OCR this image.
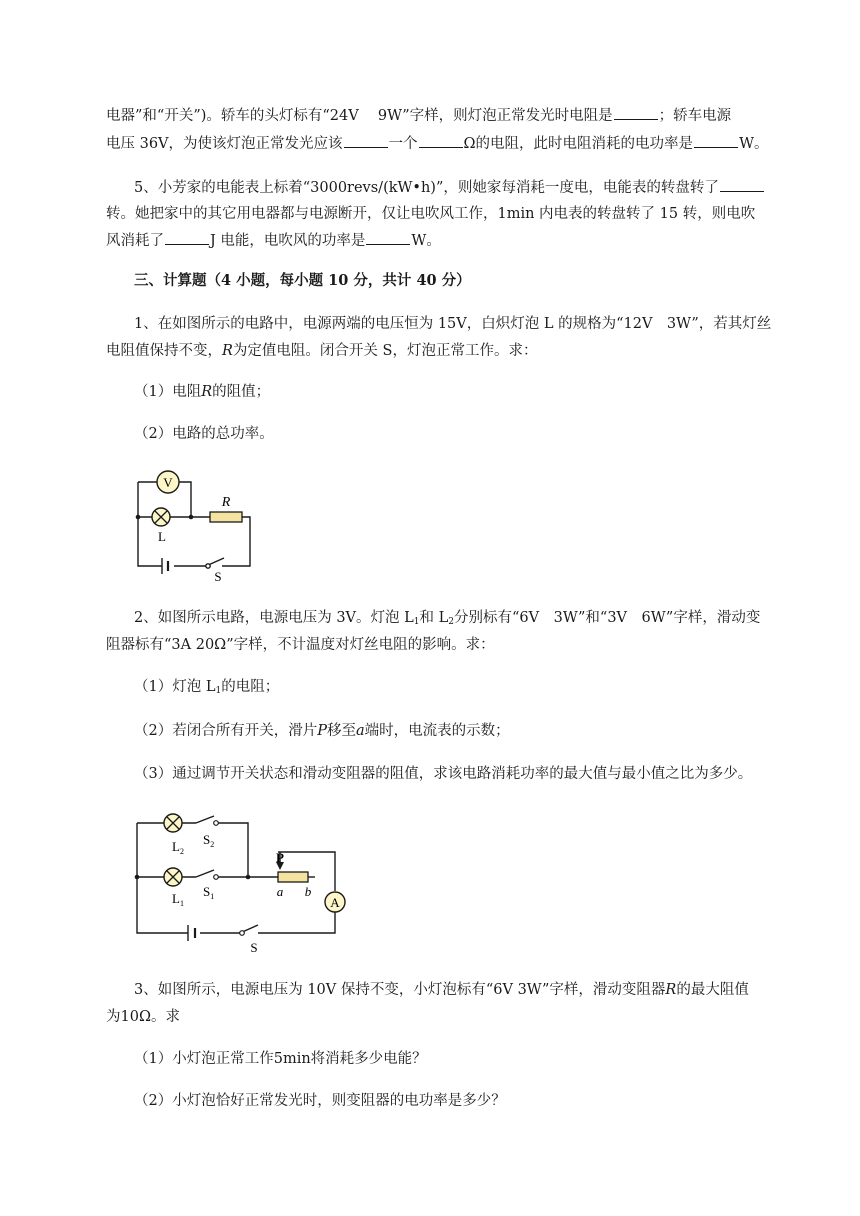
电器”和“开关”)。轿车的头灯标有“24V　 9W”字样，则灯泡正常发光时电阻是	；轿车电源
电压 36V，为使该灯泡正常发光应该	一个	Ω的电阻，此时电阻消耗的电功率是	W。
5、小芳家的电能表上标着“3000revs/(kW•h)”，则她家每消耗一度电，电能表的转盘转了
转。她把家中的其它用电器都与电源断开，仅让电吹风工作，1min 内电表的转盘转了 15 转，则电吹
风消耗了	J 电能，电吹风的功率是	W。
三、计算题（4 小题，每小题 10 分，共计 40 分）
1、在如图所示的电路中，电源两端的电压恒为 15V，白炽灯泡 L 的规格为“12V　3W”，若其灯丝
电阻值保持不变，R为定值电阻。闭合开关 S，灯泡正常工作。求：
（1）电阻R的阻值；
（2）电路的总功率。
V
L
R
S
2、如图所示电路，电源电压为 3V。灯泡 $L_1$和 $L_2$分别标有“6V　3W”和“3V　6W”字样，滑动变
阻器标有“3A 20Ω”字样，不计温度对灯丝电阻的影响。求：
（1）灯泡 $L_1$的电阻；
（2）若闭合所有开关，滑片P移至a端时，电流表的示数；
（3）通过调节开关状态和滑动变阻器的阻值，求该电路消耗功率的最大值与最小值之比为多少。
A
$L_2$
$S_2$
$L_1$
$S_1$
P
a b
S
3、如图所示，电源电压为 10V 保持不变，小灯泡标有“6V 3W”字样，滑动变阻器R的最大阻值
为10Ω。求
（1）小灯泡正常工作5min将消耗多少电能？
（2）小灯泡恰好正常发光时，则变阻器的电功率是多少？
